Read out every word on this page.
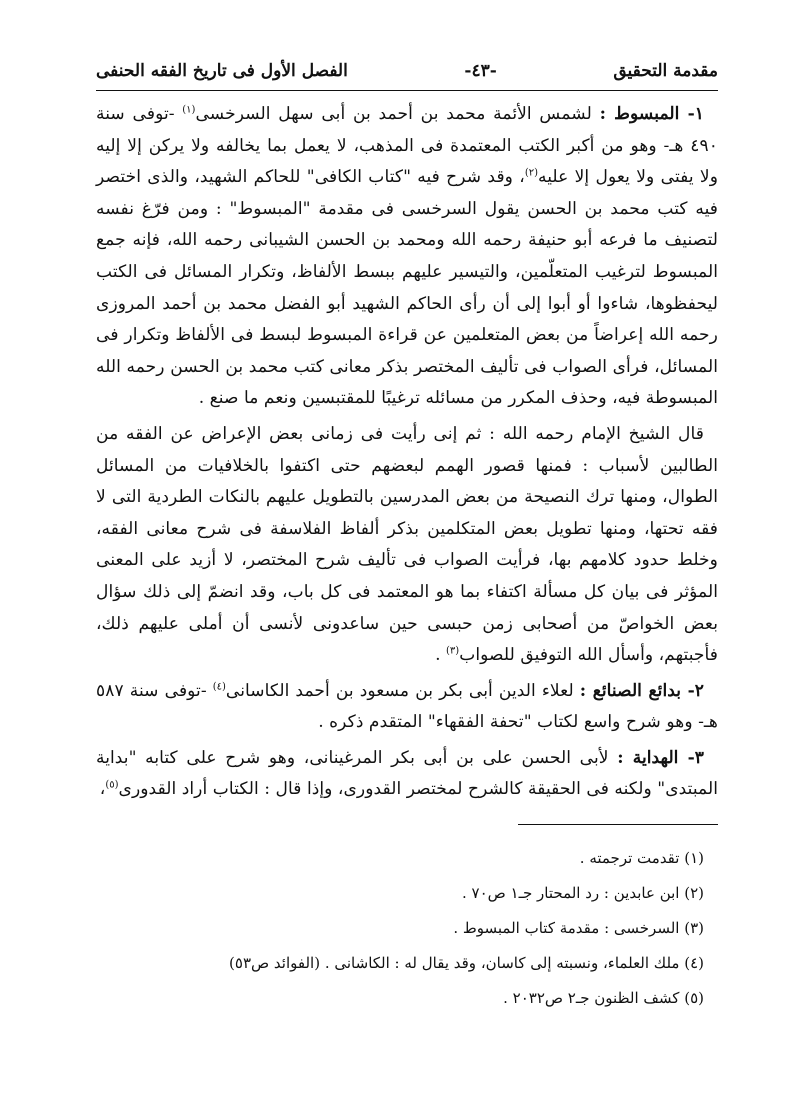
مقدمة التحقيق
-٤٣-
الفصل الأول فى تاريخ الفقه الحنفى

١- المبسوط : لشمس الأئمة محمد بن أحمد بن أبى سهل السرخسى$^{(١)}$ -توفى سنة ٤٩٠ هـ- وهو من أكبر الكتب المعتمدة فى المذهب، لا يعمل بما يخالفه ولا يركن إلا إليه ولا يفتى ولا يعول إلا عليه$^{(٢)}$، وقد شرح فيه "كتاب الكافى" للحاكم الشهيد، والذى اختصر فيه كتب محمد بن الحسن يقول السرخسى فى مقدمة "المبسوط" : ومن فرّغ نفسه لتصنيف ما فرعه أبو حنيفة رحمه الله ومحمد بن الحسن الشيبانى رحمه الله، فإنه جمع المبسوط لترغيب المتعلّمين، والتيسير عليهم ببسط الألفاظ، وتكرار المسائل فى الكتب ليحفظوها، شاءوا أو أبوا إلى أن رأى الحاكم الشهيد أبو الفضل محمد بن أحمد المروزى رحمه الله إعراضاً من بعض المتعلمين عن قراءة المبسوط لبسط فى الألفاظ وتكرار فى المسائل، فرأى الصواب فى تأليف المختصر بذكر معانى كتب محمد بن الحسن رحمه الله المبسوطة فيه، وحذف المكرر من مسائله ترغيبًا للمقتبسين ونعم ما صنع .

قال الشيخ الإمام رحمه الله : ثم إنى رأيت فى زمانى بعض الإعراض عن الفقه من الطالبين لأسباب : فمنها قصور الهمم لبعضهم حتى اكتفوا بالخلافيات من المسائل الطوال، ومنها ترك النصيحة من بعض المدرسين بالتطويل عليهم بالنكات الطردية التى لا فقه تحتها، ومنها تطويل بعض المتكلمين بذكر ألفاظ الفلاسفة فى شرح معانى الفقه، وخلط حدود كلامهم بها، فرأيت الصواب فى تأليف شرح المختصر، لا أزيد على المعنى المؤثر فى بيان كل مسألة اكتفاء بما هو المعتمد فى كل باب، وقد انضمّ إلى ذلك سؤال بعض الخواصّ من أصحابى زمن حبسى حين ساعدونى لأنسى أن أملى عليهم ذلك، فأجبتهم، وأسأل الله التوفيق للصواب$^{(٣)}$ .

٢- بدائع الصنائع : لعلاء الدين أبى بكر بن مسعود بن أحمد الكاسانى$^{(٤)}$ -توفى سنة ٥٨٧ هـ- وهو شرح واسع لكتاب "تحفة الفقهاء" المتقدم ذكره .

٣- الهداية : لأبى الحسن على بن أبى بكر المرغينانى، وهو شرح على كتابه "بداية المبتدى" ولكنه فى الحقيقة كالشرح لمختصر القدورى، وإذا قال : الكتاب أراد القدورى$^{(٥)}$،

(١) تقدمت ترجمته .
(٢) ابن عابدين : رد المحتار جـ١ ص٧٠ .
(٣) السرخسى : مقدمة كتاب المبسوط .
(٤) ملك العلماء، ونسبته إلى كاسان، وقد يقال له : الكاشانى . (الفوائد ص٥٣)
(٥) كشف الظنون جـ٢ ص٢٠٣٢ .
